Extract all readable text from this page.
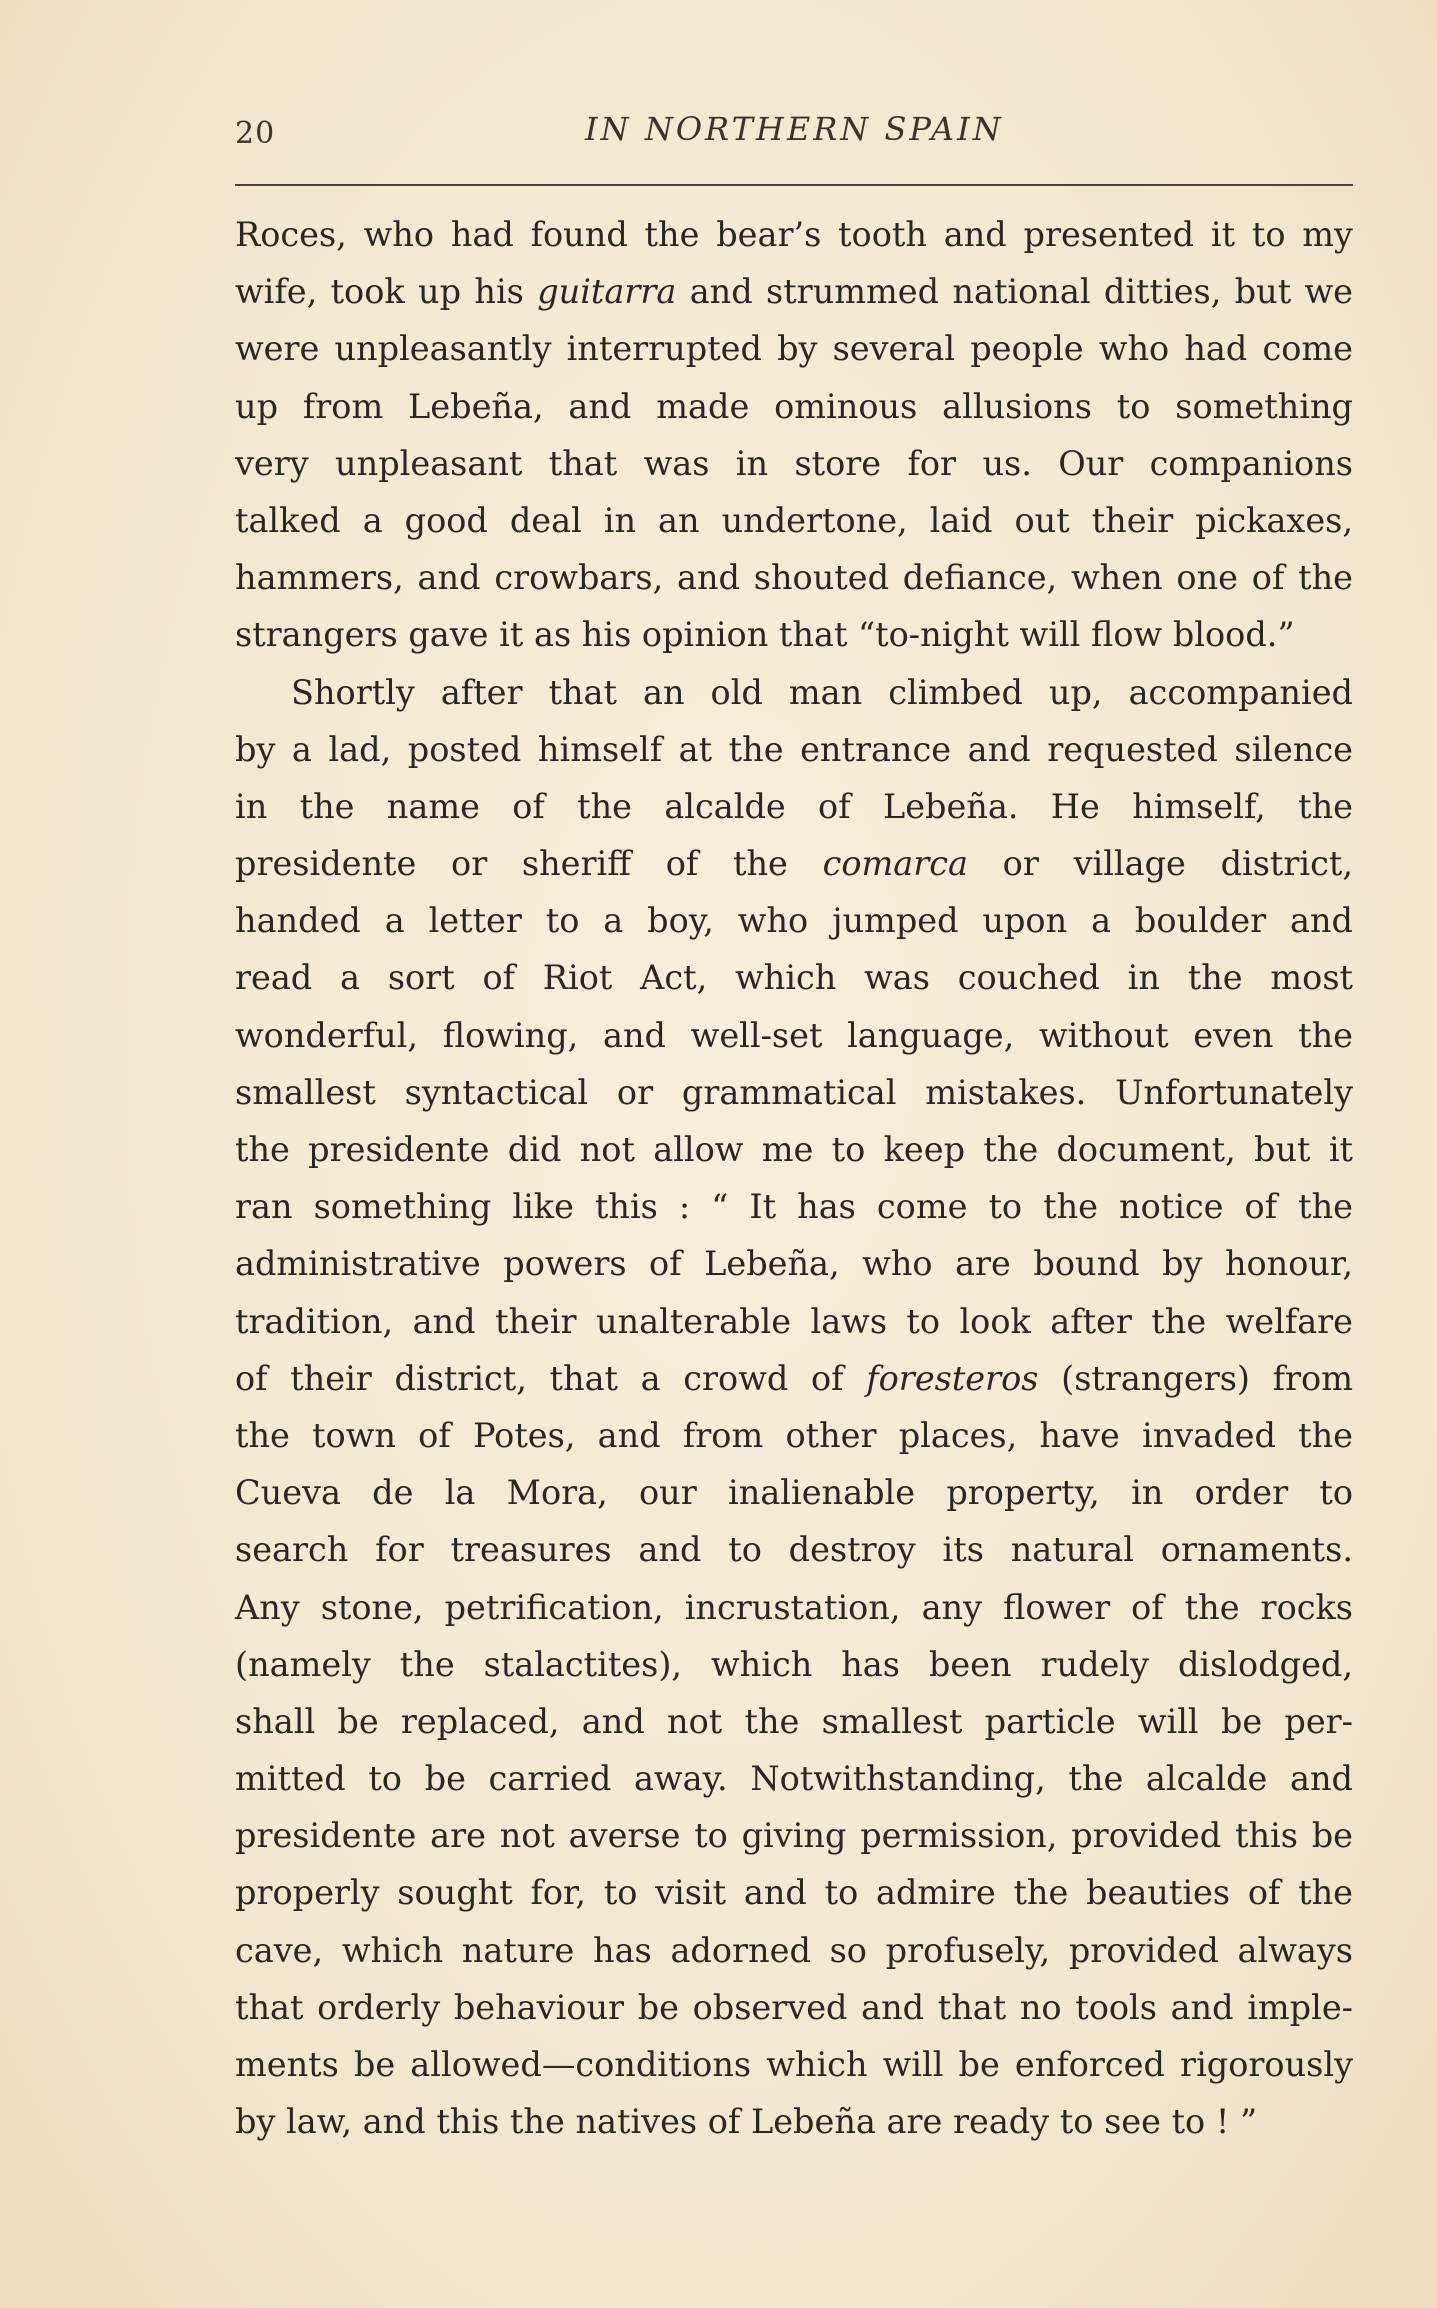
20	IN NORTHERN SPAIN
Roces, who had found the bear’s tooth and presented it to my
wife, took up his guitarra and strummed national ditties, but we
were unpleasantly interrupted by several people who had come
up from Lebeña, and made ominous allusions to something
very unpleasant that was in store for us. Our companions
talked a good deal in an undertone, laid out their pickaxes,
hammers, and crowbars, and shouted defiance, when one of the
strangers gave it as his opinion that “to-night will flow blood.”
Shortly after that an old man climbed up, accompanied
by a lad, posted himself at the entrance and requested silence
in the name of the alcalde of Lebeña. He himself, the
presidente or sheriff of the comarca or village district,
handed a letter to a boy, who jumped upon a boulder and
read a sort of Riot Act, which was couched in the most
wonderful, flowing, and well-set language, without even the
smallest syntactical or grammatical mistakes. Unfortunately
the presidente did not allow me to keep the document, but it
ran something like this : “ It has come to the notice of the
administrative powers of Lebeña, who are bound by honour,
tradition, and their unalterable laws to look after the welfare
of their district, that a crowd of foresteros (strangers) from
the town of Potes, and from other places, have invaded the
Cueva de la Mora, our inalienable property, in order to
search for treasures and to destroy its natural ornaments.
Any stone, petrification, incrustation, any flower of the rocks
(namely the stalactites), which has been rudely dislodged,
shall be replaced, and not the smallest particle will be per-
mitted to be carried away. Notwithstanding, the alcalde and
presidente are not averse to giving permission, provided this be
properly sought for, to visit and to admire the beauties of the
cave, which nature has adorned so profusely, provided always
that orderly behaviour be observed and that no tools and imple-
ments be allowed—conditions which will be enforced rigorously
by law, and this the natives of Lebeña are ready to see to ! ”
